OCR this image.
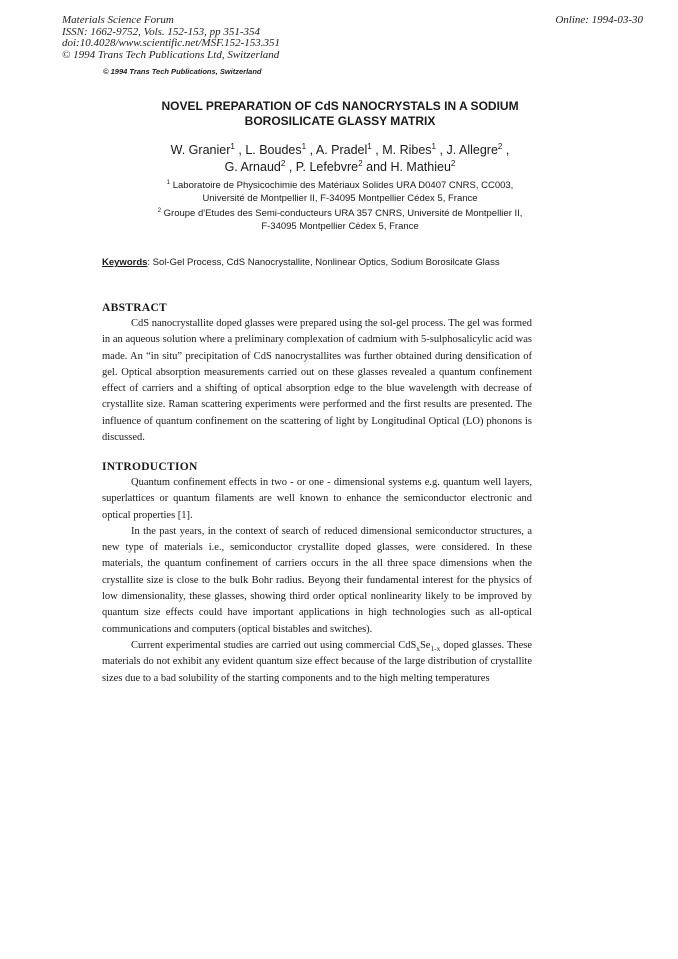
Materials Science Forum
ISSN: 1662-9752, Vols. 152-153, pp 351-354
doi:10.4028/www.scientific.net/MSF.152-153.351
© 1994 Trans Tech Publications Ltd, Switzerland
Online: 1994-03-30
© 1994 Trans Tech Publications, Switzerland
NOVEL PREPARATION OF CdS NANOCRYSTALS IN A SODIUM
BOROSILICATE GLASSY MATRIX
W. Granier$^1$ , L. Boudes$^1$ , A. Pradel$^1$ , M. Ribes$^1$ , J. Allegre$^2$ ,
G. Arnaud$^2$ , P. Lefebvre$^2$ and H. Mathieu$^2$
$^1$ Laboratoire de Physicochimie des Matériaux Solides URA D0407 CNRS, CC003,
Université de Montpellier II, F-34095 Montpellier Cédex 5, France
$^2$ Groupe d'Etudes des Semi-conducteurs URA 357 CNRS, Université de Montpellier II,
F-34095 Montpellier Cédex 5, France
Keywords: Sol-Gel Process, CdS Nanocrystallite, Nonlinear Optics, Sodium Borosilcate Glass
ABSTRACT

CdS nanocrystallite doped glasses were prepared using the sol-gel process. The gel was formed in an aqueous solution where a preliminary complexation of cadmium with 5-sulphosalicylic acid was made. An “in situ” precipitation of CdS nanocrystallites was further obtained during densification of gel. Optical absorption measurements carried out on these glasses revealed a quantum confinement effect of carriers and a shifting of optical absorption edge to the blue wavelength with decrease of crystallite size. Raman scattering experiments were performed and the first results are presented. The influence of quantum confinement on the scattering of light by Longitudinal Optical (LO) phonons is discussed.

INTRODUCTION

Quantum confinement effects in two - or one - dimensional systems e.g. quantum well layers, superlattices or quantum filaments are well known to enhance the semiconductor electronic and optical properties [1].

In the past years, in the context of search of reduced dimensional semiconductor structures, a new type of materials i.e., semiconductor crystallite doped glasses, were considered. In these materials, the quantum confinement of carriers occurs in the all three space dimensions when the crystallite size is close to the bulk Bohr radius. Beyong their fundamental interest for the physics of low dimensionality, these glasses, showing third order optical nonlinearity likely to be improved by quantum size effects could have important applications in high technologies such as all-optical communications and computers (optical bistables and switches).

Current experimental studies are carried out using commercial $CdS_xSe_{1-x}$ doped glasses. These materials do not exhibit any evident quantum size effect because of the large distribution of crystallite sizes due to a bad solubility of the starting components and to the high melting temperatures
